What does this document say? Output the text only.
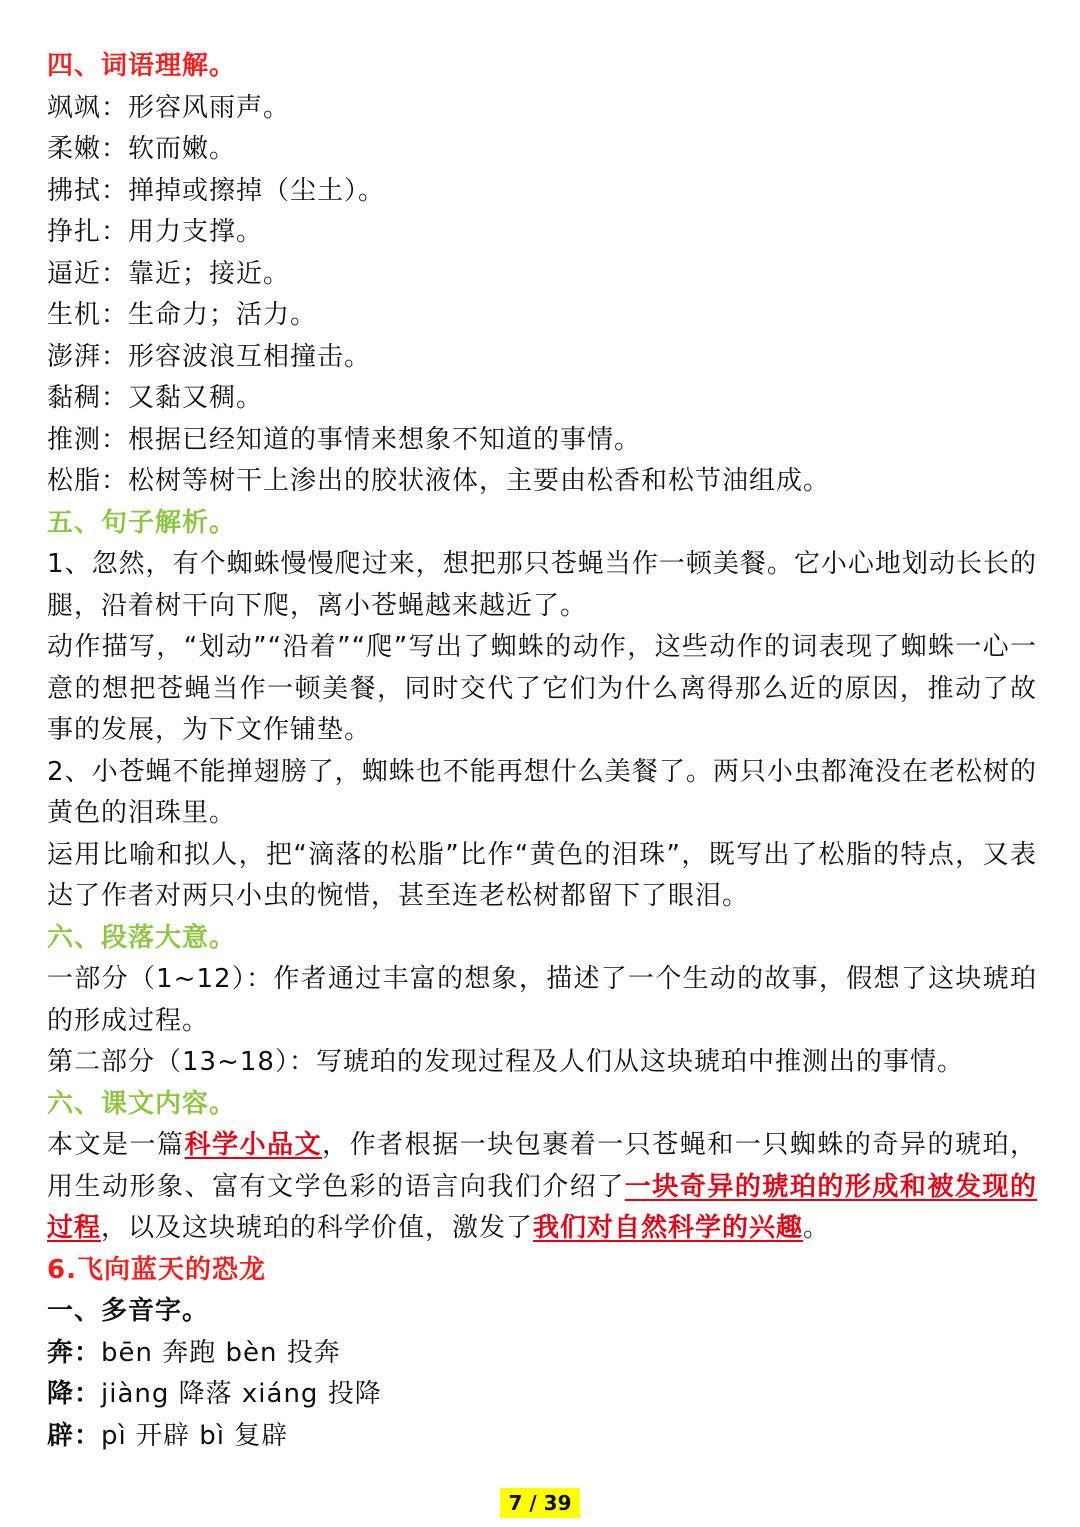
四、词语理解。
飒飒：形容风雨声。
柔嫩：软而嫩。
拂拭：掸掉或擦掉（尘土）。
挣扎：用力支撑。
逼近：靠近；接近。
生机：生命力；活力。
澎湃：形容波浪互相撞击。
黏稠：又黏又稠。
推测：根据已经知道的事情来想象不知道的事情。
松脂：松树等树干上渗出的胶状液体，主要由松香和松节油组成。
五、句子解析。
1、忽然，有个蜘蛛慢慢爬过来，想把那只苍蝇当作一顿美餐。它小心地划动长长的腿，沿着树干向下爬，离小苍蝇越来越近了。
动作描写，“划动”“沿着”“爬”写出了蜘蛛的动作，这些动作的词表现了蜘蛛一心一意的想把苍蝇当作一顿美餐，同时交代了它们为什么离得那么近的原因，推动了故事的发展，为下文作铺垫。
2、小苍蝇不能掸翅膀了，蜘蛛也不能再想什么美餐了。两只小虫都淹没在老松树的黄色的泪珠里。
运用比喻和拟人，把“滴落的松脂”比作“黄色的泪珠”，既写出了松脂的特点，又表达了作者对两只小虫的惋惜，甚至连老松树都留下了眼泪。
六、段落大意。
一部分（1~12）：作者通过丰富的想象，描述了一个生动的故事，假想了这块琥珀的形成过程。
第二部分（13~18）：写琥珀的发现过程及人们从这块琥珀中推测出的事情。
六、课文内容。
本文是一篇科学小品文，作者根据一块包裹着一只苍蝇和一只蜘蛛的奇异的琥珀，用生动形象、富有文学色彩的语言向我们介绍了一块奇异的琥珀的形成和被发现的过程，以及这块琥珀的科学价值，激发了我们对自然科学的兴趣。
6.飞向蓝天的恐龙
一、多音字。
奔：bēn 奔跑 bèn 投奔
降：jiàng 降落 xiáng 投降
辟：pì 开辟 bì 复辟
7 / 39
